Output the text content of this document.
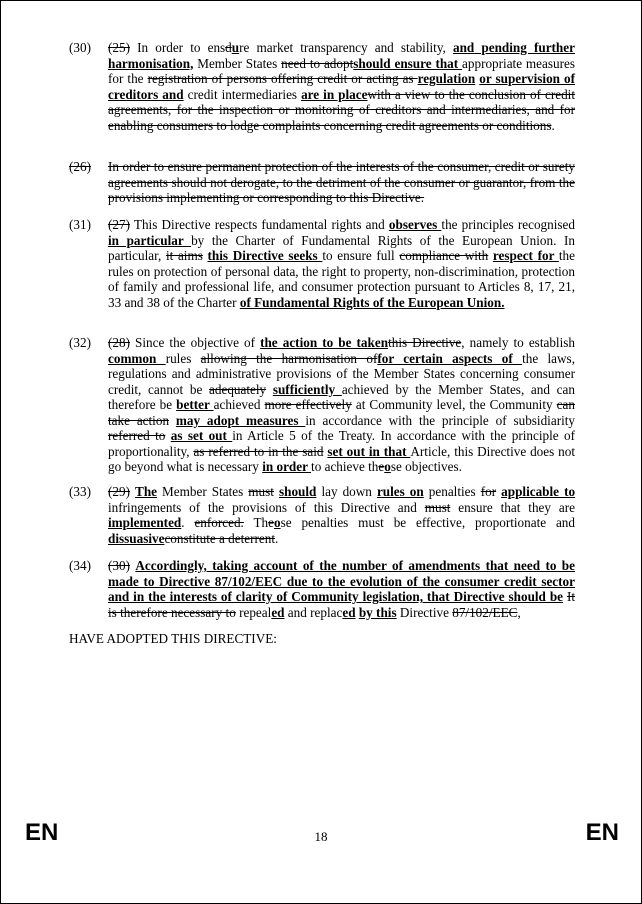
(30)	(25) In order to ensdure market transparency and stability, and pending further harmonisation, Member States need to adoptshould ensure that appropriate measures for the registration of persons offering credit or acting as regulation or supervision of creditors and credit intermediaries are in placewith a view to the conclusion of credit agreements, for the inspection or monitoring of creditors and intermediaries, and for enabling consumers to lodge complaints concerning credit agreements or conditions.
(26)	In order to ensure permanent protection of the interests of the consumer, credit or surety agreements should not derogate, to the detriment of the consumer or guarantor, from the provisions implementing or corresponding to this Directive.
(31)	(27) This Directive respects fundamental rights and observes the principles recognised in particular by the Charter of Fundamental Rights of the European Union. In particular, it aims this Directive seeks to ensure full compliance with respect for the rules on protection of personal data, the right to property, non-discrimination, protection of family and professional life, and consumer protection pursuant to Articles 8, 17, 21, 33 and 38 of the Charter of Fundamental Rights of the European Union.
(32)	(28) Since the objective of the action to be takenthis Directive, namely to establish common rules allowing the harmonisation offor certain aspects of the laws, regulations and administrative provisions of the Member States concerning consumer credit, cannot be adequately sufficiently achieved by the Member States, and can therefore be better achieved more effectively at Community level, the Community can take action may adopt measures in accordance with the principle of subsidiarity referred to as set out in Article 5 of the Treaty. In accordance with the principle of proportionality, as referred to in the said set out in that Article, this Directive does not go beyond what is necessary in order to achieve theose objectives.
(33)	(29) The Member States must should lay down rules on penalties for applicable to infringements of the provisions of this Directive and must ensure that they are implemented. enforced. Theose penalties must be effective, proportionate and dissuasiveconstitute a deterrent.
(34)	(30) Accordingly, taking account of the number of amendments that need to be made to Directive 87/102/EEC due to the evolution of the consumer credit sector and in the interests of clarity of Community legislation, that Directive should be It is therefore necessary to repealed and replaced by this Directive 87/102/EEC,
HAVE ADOPTED THIS DIRECTIVE:
EN	18	EN
